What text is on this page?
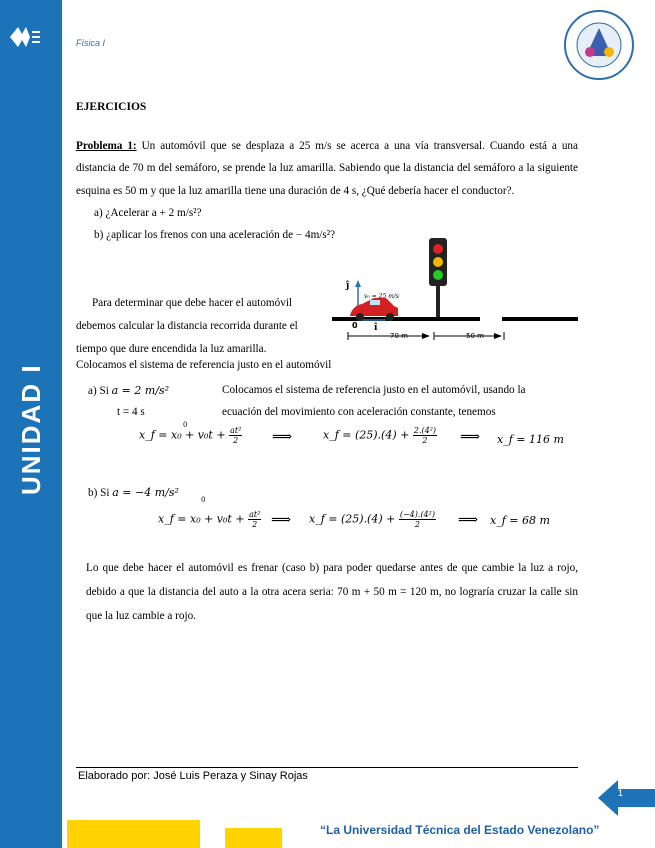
UNIDAD I
Física I
EJERCICIOS

Problema 1: Un automóvil que se desplaza a 25 m/s se acerca a una vía transversal. Cuando está a una distancia de 70 m del semáforo, se prende la luz amarilla. Sabiendo que la distancia del semáforo a la siguiente esquina es 50 m y que la luz amarilla tiene una duración de 4 s, ¿Qué debería hacer el conductor?.

a) ¿Acelerar a + 2 m/s²?
b) ¿aplicar los frenos con una aceleración de − 4m/s²?
ĵ
î
0
v₀ = 25 m/s
70 m	50 m
Para determinar que debe hacer el automóvil debemos calcular la distancia recorrida durante el tiempo que dure encendida la luz amarilla.
Colocamos el sistema de referencia justo en el automóvil
a) Si a = 2 m/s²	Colocamos el sistema de referencia justo en el automóvil, usando la
t = 4 s	ecuación del movimiento con aceleración constante, tenemos
x_f = $x_0 + v_0t + \frac{\text{at²}}{2}$
0
⟹	x_f = $(25).(4) + \frac{\text{2.(4²)}}{2}$ ⟹ x_f = 116 m
b) Si a = −4 m/s²
x_f = $x_0 + v_0t + \frac{\text{at²}}{2}$
0
⟹ x_f = $(25).(4) + \frac{\text{(−4).(4²)}}{2}$ ⟹ x_f = 68 m
Lo que debe hacer el automóvil es frenar (caso b) para poder quedarse antes de que cambie la luz a rojo, debido a que la distancia del auto a la otra acera seria: 70 m + 50 m = 120 m, no lograría cruzar la calle sin que la luz cambie a rojo.
Elaborado por: José Luis Peraza y Sinay Rojas
1
“La Universidad Técnica del Estado Venezolano”
